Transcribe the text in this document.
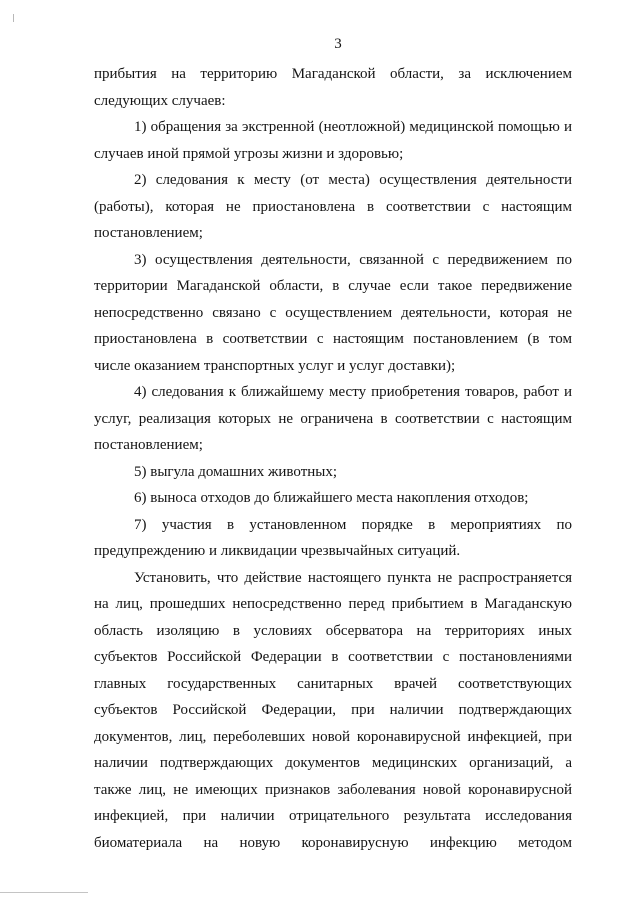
3
прибытия на территорию Магаданской области, за исключением
следующих случаев:
1) обращения за экстренной (неотложной) медицинской помощью и
случаев иной прямой угрозы жизни и здоровью;
2) следования к месту (от места) осуществления деятельности
(работы), которая не приостановлена в соответствии с настоящим
постановлением;
3) осуществления деятельности, связанной с передвижением по
территории Магаданской области, в случае если такое передвижение
непосредственно связано с осуществлением деятельности, которая не
приостановлена в соответствии с настоящим постановлением (в том
числе оказанием транспортных услуг и услуг доставки);
4) следования к ближайшему месту приобретения товаров, работ и
услуг, реализация которых не ограничена в соответствии с настоящим
постановлением;
5) выгула домашних животных;
6) выноса отходов до ближайшего места накопления отходов;
7) участия в установленном порядке в мероприятиях по
предупреждению и ликвидации чрезвычайных ситуаций.
Установить, что действие настоящего пункта не распространяется
на лиц, прошедших непосредственно перед прибытием в Магаданскую
область изоляцию в условиях обсерватора на территориях иных
субъектов Российской Федерации в соответствии с постановлениями
главных государственных санитарных врачей соответствующих
субъектов Российской Федерации, при наличии подтверждающих
документов, лиц, переболевших новой коронавирусной инфекцией, при
наличии подтверждающих документов медицинских организаций, а
также лиц, не имеющих признаков заболевания новой коронавирусной
инфекцией, при наличии отрицательного результата исследования
биоматериала на новую коронавирусную инфекцию методом
